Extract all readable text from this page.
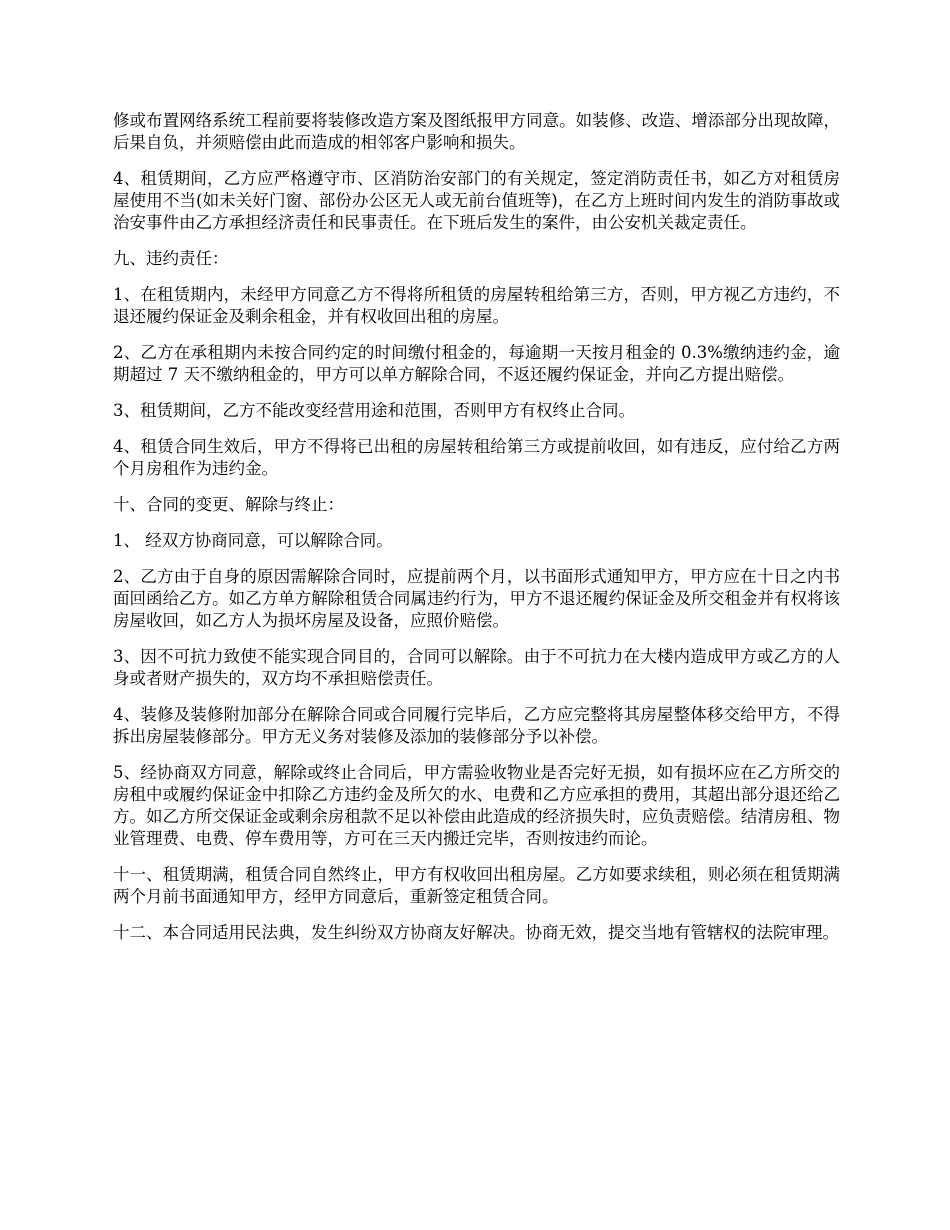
修或布置网络系统工程前要将装修改造方案及图纸报甲方同意。如装修、改造、增添部分出现故障，后果自负，并须赔偿由此而造成的相邻客户影响和损失。

4、租赁期间，乙方应严格遵守市、区消防治安部门的有关规定，签定消防责任书，如乙方对租赁房屋使用不当(如未关好门窗、部份办公区无人或无前台值班等)，在乙方上班时间内发生的消防事故或治安事件由乙方承担经济责任和民事责任。在下班后发生的案件，由公安机关裁定责任。

九、违约责任：

1、在租赁期内，未经甲方同意乙方不得将所租赁的房屋转租给第三方，否则，甲方视乙方违约，不退还履约保证金及剩余租金，并有权收回出租的房屋。

2、乙方在承租期内未按合同约定的时间缴付租金的，每逾期一天按月租金的 0.3%缴纳违约金，逾期超过 7 天不缴纳租金的，甲方可以单方解除合同，不返还履约保证金，并向乙方提出赔偿。

3、租赁期间，乙方不能改变经营用途和范围，否则甲方有权终止合同。

4、租赁合同生效后，甲方不得将已出租的房屋转租给第三方或提前收回，如有违反，应付给乙方两个月房租作为违约金。

十、合同的变更、解除与终止：

1、 经双方协商同意，可以解除合同。

2、乙方由于自身的原因需解除合同时，应提前两个月，以书面形式通知甲方，甲方应在十日之内书面回函给乙方。如乙方单方解除租赁合同属违约行为，甲方不退还履约保证金及所交租金并有权将该房屋收回，如乙方人为损坏房屋及设备，应照价赔偿。

3、因不可抗力致使不能实现合同目的，合同可以解除。由于不可抗力在大楼内造成甲方或乙方的人身或者财产损失的，双方均不承担赔偿责任。

4、装修及装修附加部分在解除合同或合同履行完毕后，乙方应完整将其房屋整体移交给甲方，不得拆出房屋装修部分。甲方无义务对装修及添加的装修部分予以补偿。

5、经协商双方同意，解除或终止合同后，甲方需验收物业是否完好无损，如有损坏应在乙方所交的房租中或履约保证金中扣除乙方违约金及所欠的水、电费和乙方应承担的费用，其超出部分退还给乙方。如乙方所交保证金或剩余房租款不足以补偿由此造成的经济损失时，应负责赔偿。结清房租、物业管理费、电费、停车费用等，方可在三天内搬迁完毕，否则按违约而论。

十一、租赁期满，租赁合同自然终止，甲方有权收回出租房屋。乙方如要求续租，则必须在租赁期满两个月前书面通知甲方，经甲方同意后，重新签定租赁合同。

十二、本合同适用民法典，发生纠纷双方协商友好解决。协商无效，提交当地有管辖权的法院审理。
